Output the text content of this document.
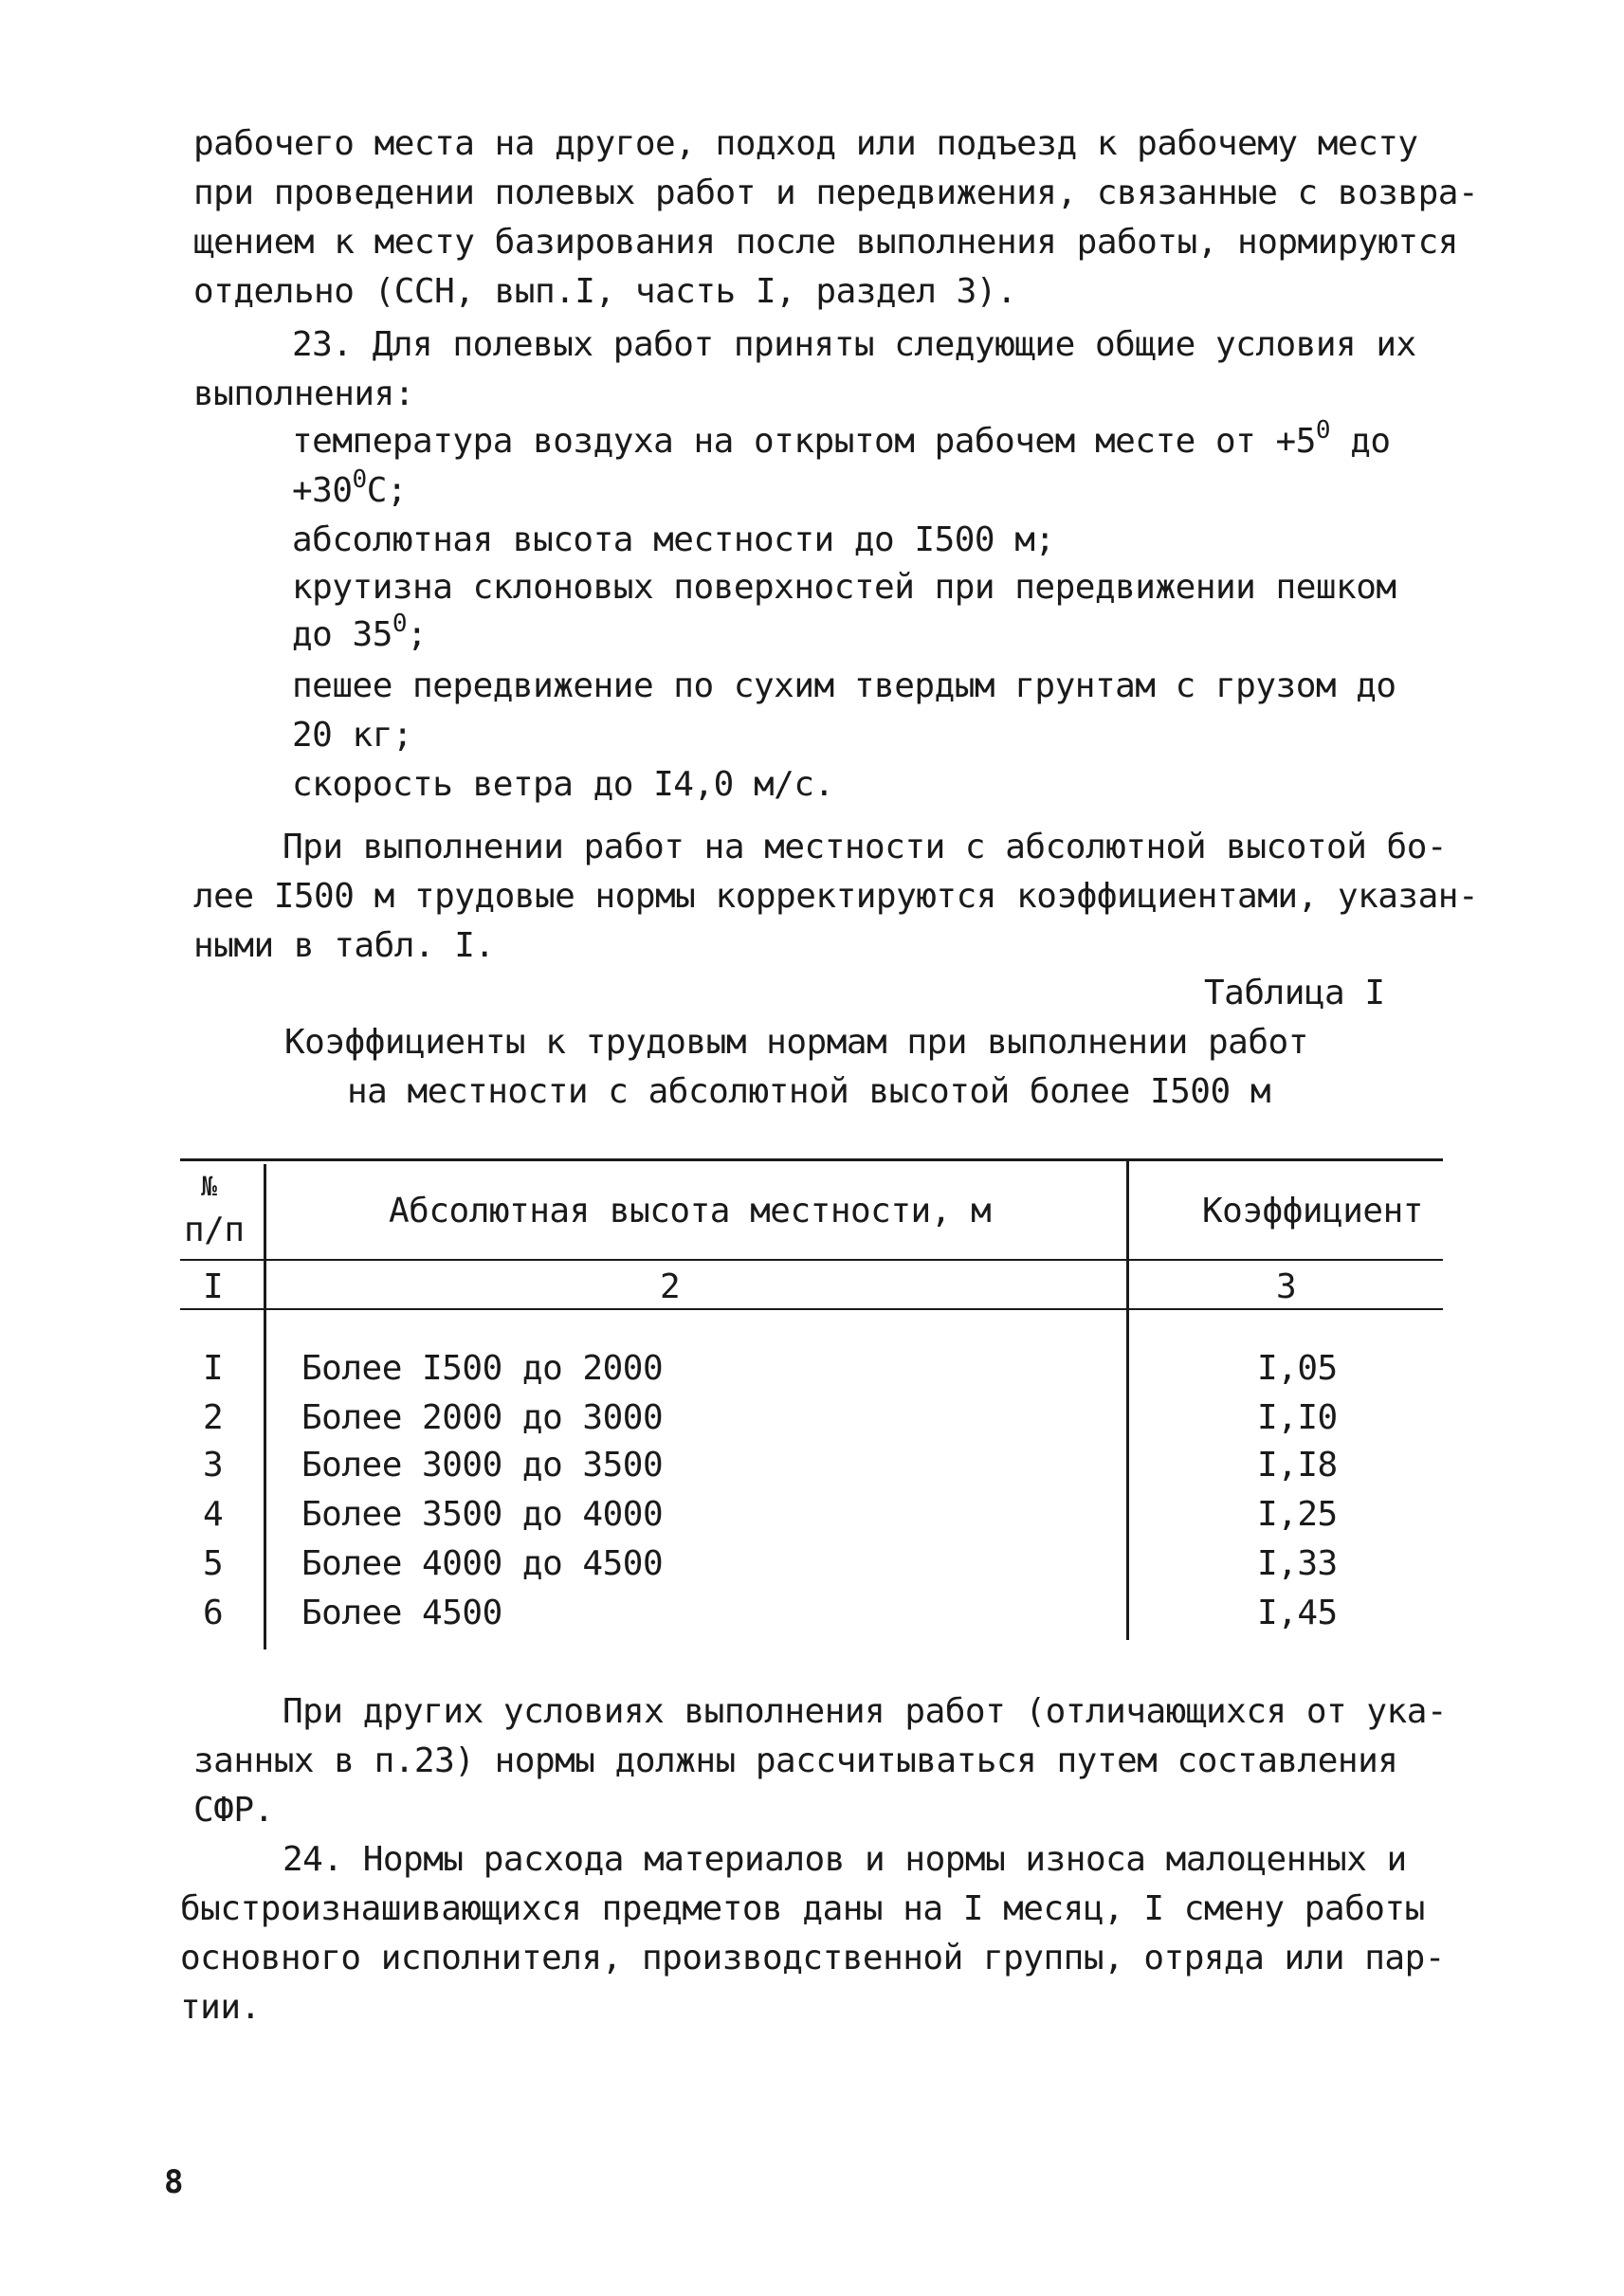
рабочего места на другое, подход или подъезд к рабочему месту
при проведении полевых работ и передвижения, связанные с возвра-
щением к месту базирования после выполнения работы, нормируются
отдельно (ССН, вып.I, часть I, раздел 3).
23. Для полевых работ приняты следующие общие условия их
выполнения:
температура воздуха на открытом рабочем месте от $+5^0$ до
$+30^0С$;
абсолютная высота местности до I500 м;
крутизна склоновых поверхностей при передвижении пешком
до $35^0$;
пешее передвижение по сухим твердым грунтам с грузом до
20 кг;
скорость ветра до I4,0 м/с.
При выполнении работ на местности с абсолютной высотой бо-
лее I500 м трудовые нормы корректируются коэффициентами, указан-
ными в табл. I.
Таблица I
Коэффициенты к трудовым нормам при выполнении работ
на местности с абсолютной высотой более I500 м
№
п/п	Абсолютная высота местности, м	Коэффициент
I	2	3
I Более I500 до 2000	I,05
2 Более 2000 до 3000	I,I0
3 Более 3000 до 3500	I,I8
4 Более 3500 до 4000	I,25
5 Более 4000 до 4500	I,33
6 Более 4500	I,45
При других условиях выполнения работ (отличающихся от ука-
занных в п.23) нормы должны рассчитываться путем составления
СФР.
24. Нормы расхода материалов и нормы износа малоценных и
быстроизнашивающихся предметов даны на I месяц, I смену работы
основного исполнителя, производственной группы, отряда или пар-
тии.
8
